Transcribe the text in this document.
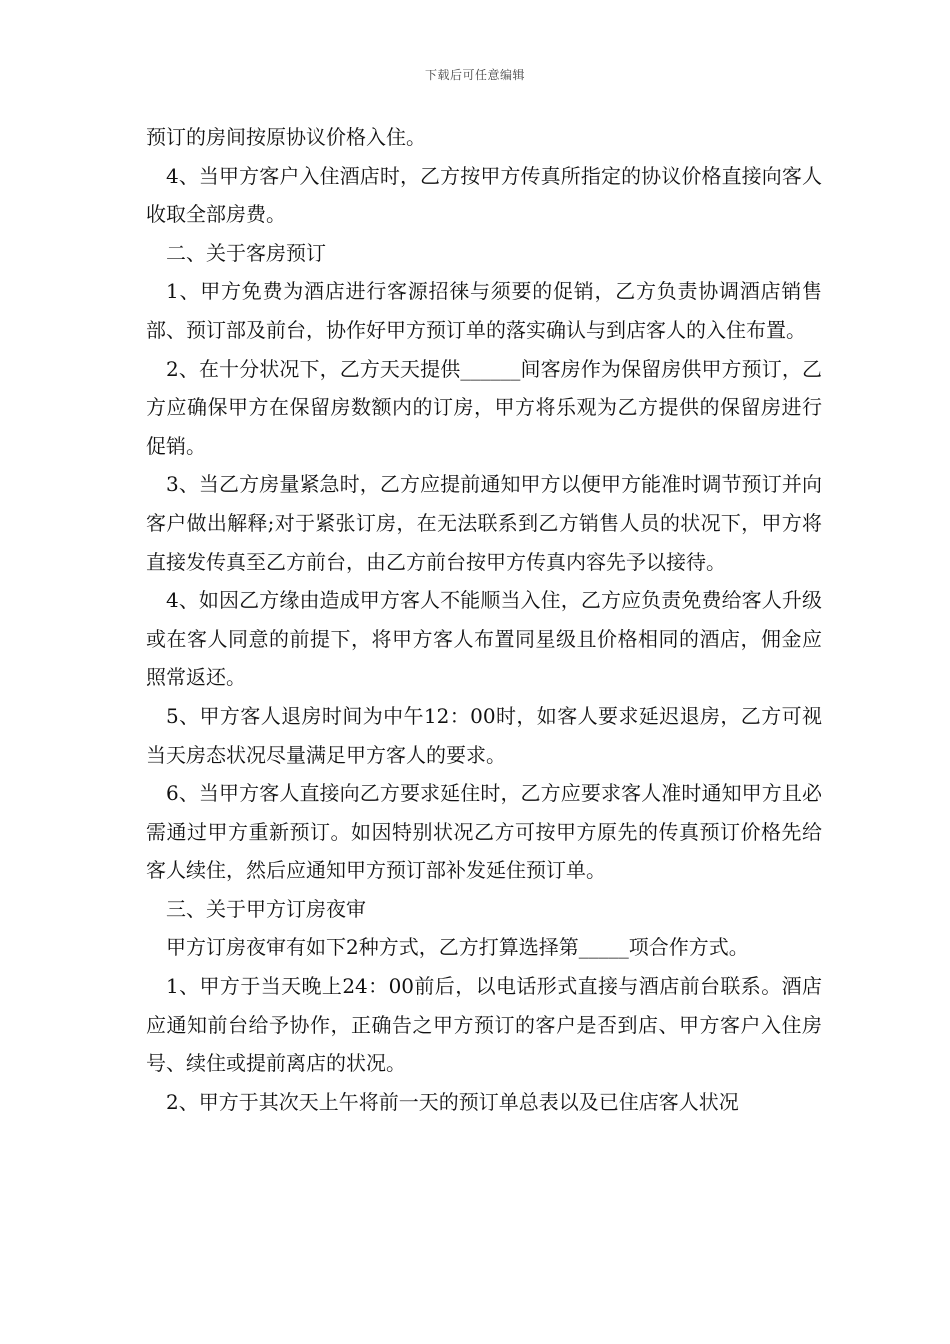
下载后可任意编辑

预订的房间按原协议价格入住。

4、当甲方客户入住酒店时，乙方按甲方传真所指定的协议价格直接向客人收取全部房费。

二、关于客房预订

1、甲方免费为酒店进行客源招徕与须要的促销，乙方负责协调酒店销售部、预订部及前台，协作好甲方预订单的落实确认与到店客人的入住布置。

2、在十分状况下，乙方天天提供______间客房作为保留房供甲方预订，乙方应确保甲方在保留房数额内的订房，甲方将乐观为乙方提供的保留房进行促销。

3、当乙方房量紧急时，乙方应提前通知甲方以便甲方能准时调节预订并向客户做出解释;对于紧张订房，在无法联系到乙方销售人员的状况下，甲方将直接发传真至乙方前台，由乙方前台按甲方传真内容先予以接待。

4、如因乙方缘由造成甲方客人不能顺当入住，乙方应负责免费给客人升级或在客人同意的前提下，将甲方客人布置同星级且价格相同的酒店，佣金应照常返还。

5、甲方客人退房时间为中午12：00时，如客人要求延迟退房，乙方可视当天房态状况尽量满足甲方客人的要求。

6、当甲方客人直接向乙方要求延住时，乙方应要求客人准时通知甲方且必需通过甲方重新预订。如因特别状况乙方可按甲方原先的传真预订价格先给客人续住，然后应通知甲方预订部补发延住预订单。

三、关于甲方订房夜审

甲方订房夜审有如下2种方式，乙方打算选择第_____项合作方式。

1、甲方于当天晚上24：00前后，以电话形式直接与酒店前台联系。酒店应通知前台给予协作，正确告之甲方预订的客户是否到店、甲方客户入住房号、续住或提前离店的状况。

2、甲方于其次天上午将前一天的预订单总表以及已住店客人状况
